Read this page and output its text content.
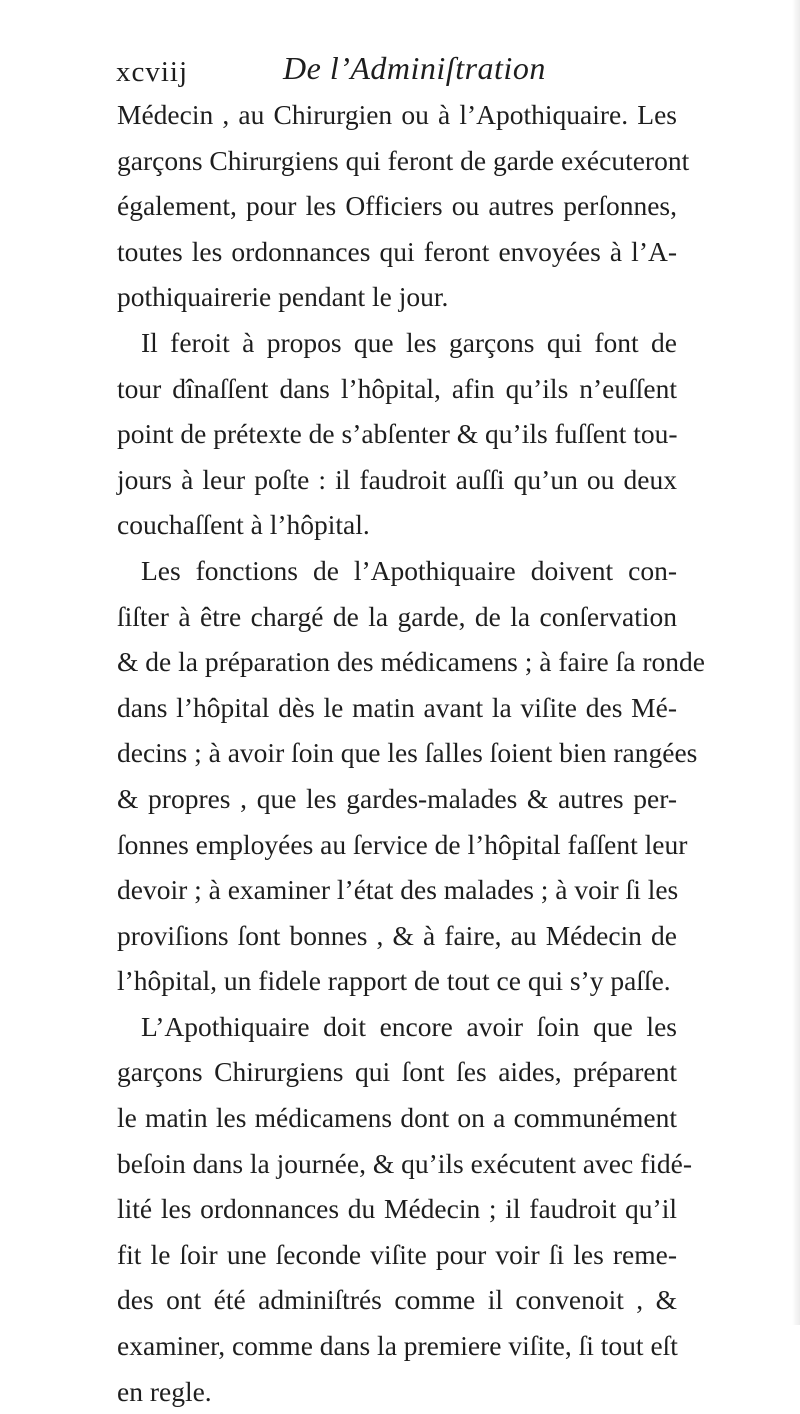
xcviij	De l’Adminiſtration
Médecin , au Chirurgien ou à l’Apothiquaire. Les
garçons Chirurgiens qui feront de garde exécuteront
également, pour les Officiers ou autres perſonnes,
toutes les ordonnances qui feront envoyées à l’A-
pothiquairerie pendant le jour.
Il feroit à propos que les garçons qui font de
tour dînaſſent dans l’hôpital, afin qu’ils n’euſſent
point de prétexte de s’abſenter & qu’ils fuſſent tou-
jours à leur poſte : il faudroit auſſi qu’un ou deux
couchaſſent à l’hôpital.
Les fonctions de l’Apothiquaire doivent con-
ſiſter à être chargé de la garde, de la conſervation
& de la préparation des médicamens ; à faire ſa ronde
dans l’hôpital dès le matin avant la viſite des Mé-
decins ; à avoir ſoin que les ſalles ſoient bien rangées
& propres , que les gardes-malades & autres per-
ſonnes employées au ſervice de l’hôpital faſſent leur
devoir ; à examiner l’état des malades ; à voir ſi les
proviſions ſont bonnes , & à faire, au Médecin de
l’hôpital, un fidele rapport de tout ce qui s’y paſſe.
L’Apothiquaire doit encore avoir ſoin que les
garçons Chirurgiens qui ſont ſes aides, préparent
le matin les médicamens dont on a communément
beſoin dans la journée, & qu’ils exécutent avec fidé-
lité les ordonnances du Médecin ; il faudroit qu’il
fit le ſoir une ſeconde viſite pour voir ſi les reme-
des ont été adminiſtrés comme il convenoit , &
examiner, comme dans la premiere viſite, ſi tout eſt
en regle.
